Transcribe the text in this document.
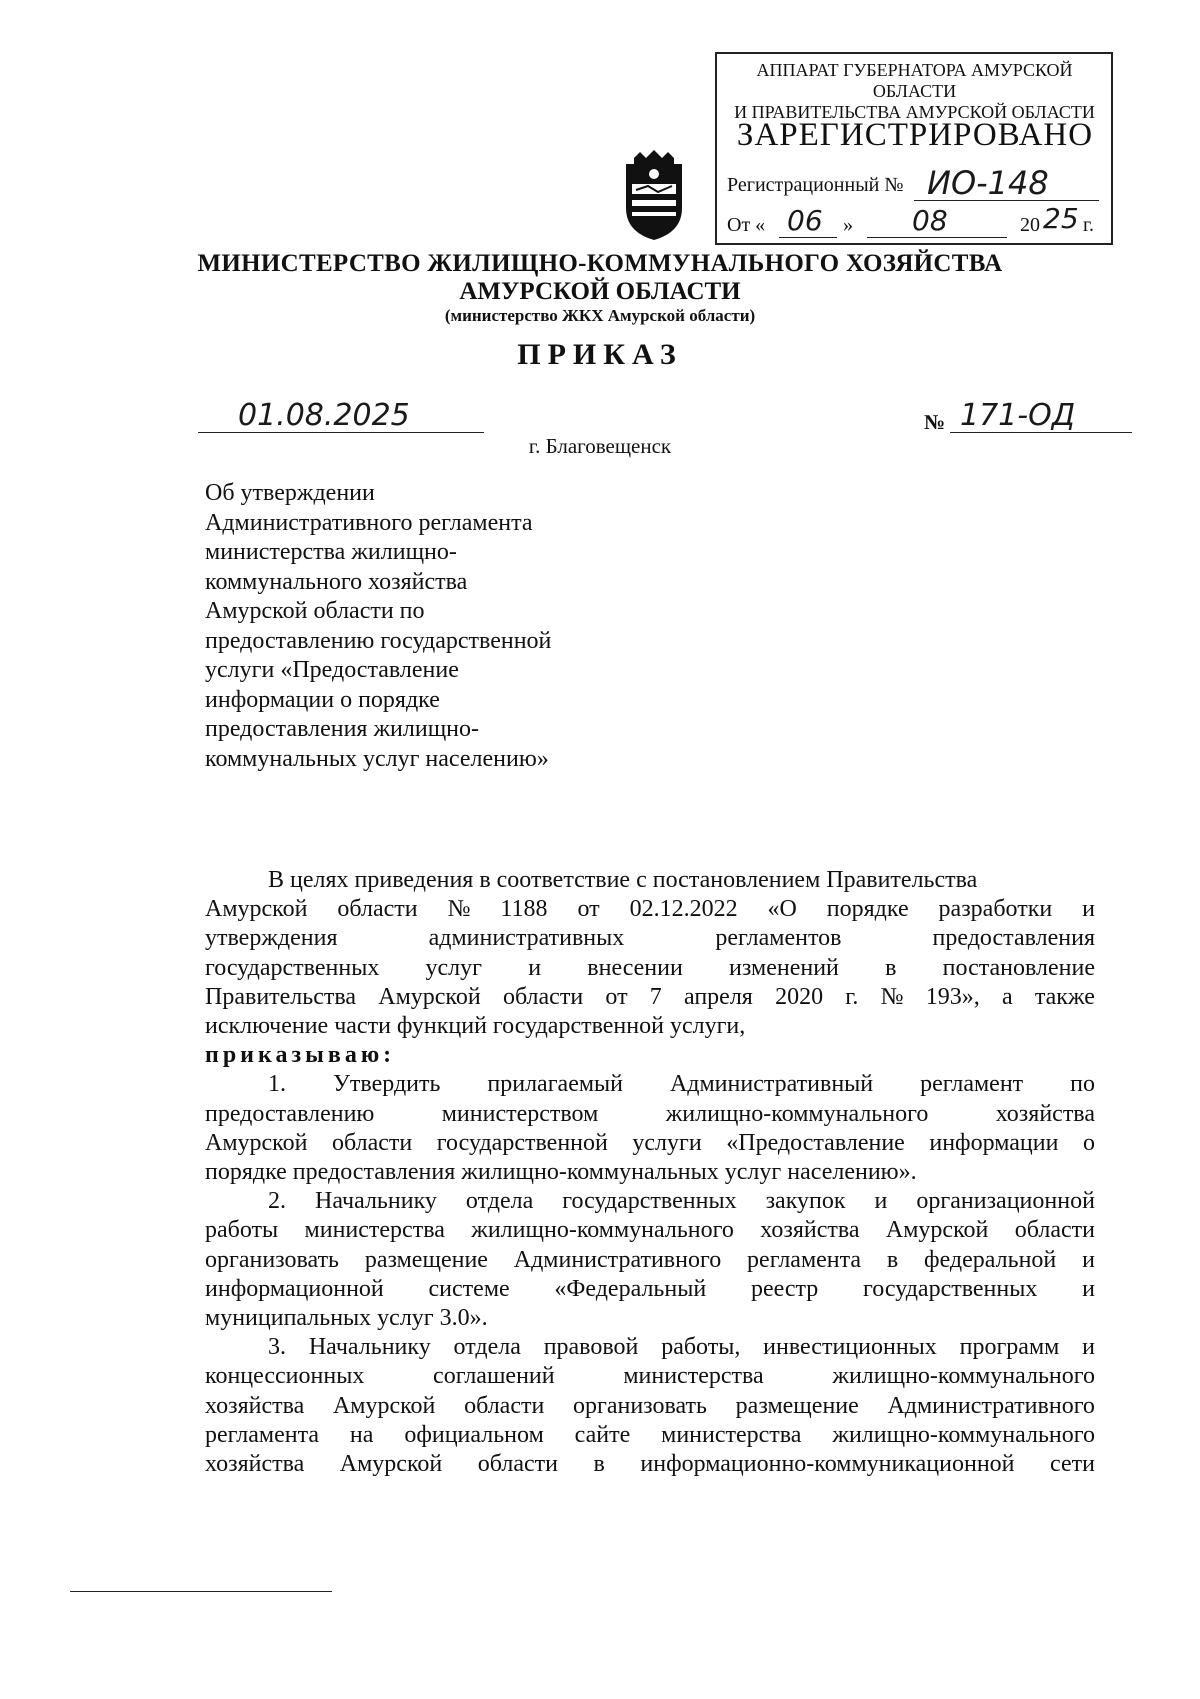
АППАРАТ ГУБЕРНАТОРА АМУРСКОЙ ОБЛАСТИ
И ПРАВИТЕЛЬСТВА АМУРСКОЙ ОБЛАСТИ
ЗАРЕГИСТРИРОВАНО
Регистрационный № ИО-148
От « 06 » 08	20 25 г.
МИНИСТЕРСТВО ЖИЛИЩНО-КОММУНАЛЬНОГО ХОЗЯЙСТВА
АМУРСКОЙ ОБЛАСТИ
(министерство ЖКХ Амурской области)
ПРИКАЗ
01.08.2025	№ 171-ОД
г. Благовещенск
Об утверждении
Административного регламента
министерства жилищно-
коммунального хозяйства
Амурской области по
предоставлению государственной
услуги «Предоставление
информации о порядке
предоставления жилищно-
коммунальных услуг населению»
В целях приведения в соответствие с постановлением Правительства
Амурской области № 1188 от 02.12.2022 «О порядке разработки и
утверждения	административных	регламентов	предоставления
государственных услуг и внесении изменений в постановление
Правительства Амурской области от 7 апреля 2020 г. № 193», а также
исключение части функций государственной услуги,
приказываю:
1. Утвердить прилагаемый Административный регламент по
предоставлению	министерством	жилищно-коммунального	хозяйства
Амурской области государственной услуги «Предоставление информации о
порядке предоставления жилищно-коммунальных услуг населению».
2. Начальнику отдела государственных закупок и организационной
работы министерства жилищно-коммунального хозяйства Амурской области
организовать размещение Административного регламента в федеральной и
информационной системе «Федеральный реестр государственных и
муниципальных услуг 3.0».
3. Начальнику отдела правовой работы, инвестиционных программ и
концессионных	соглашений	министерства	жилищно-коммунального
хозяйства Амурской области организовать размещение Административного
регламента на официальном сайте министерства жилищно-коммунального
хозяйства Амурской области в информационно-коммуникационной сети
